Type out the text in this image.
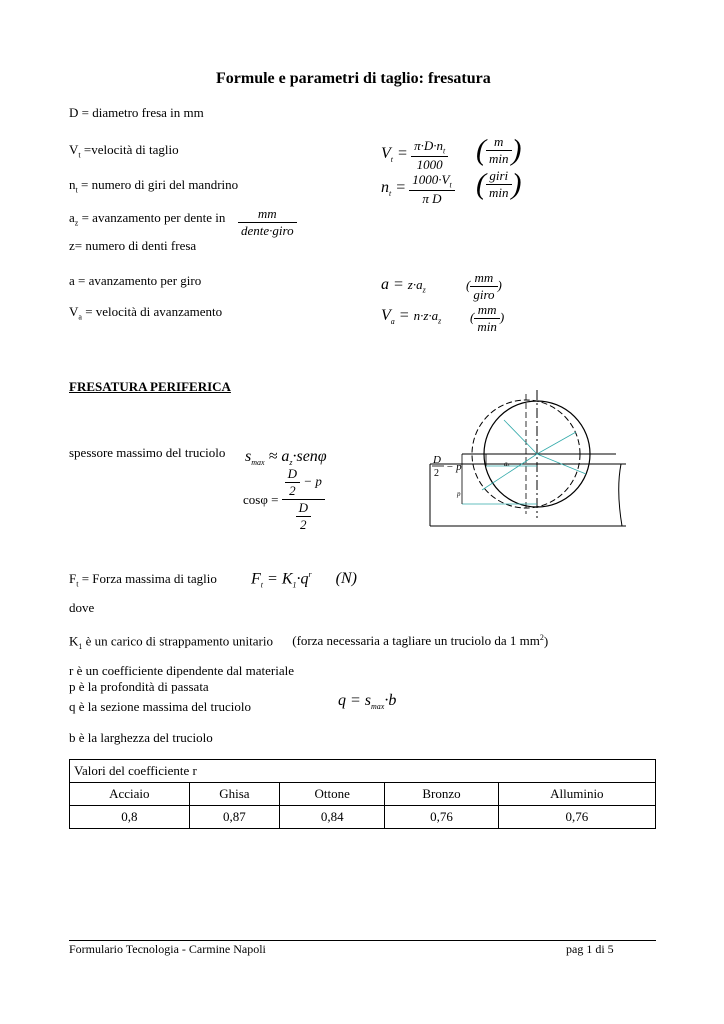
Formule e parametri di taglio: fresatura
D = diametro fresa in mm
$V_t$ =velocità di taglio
$n_t$ = numero di giri del mandrino
$a_z$ = avanzamento per dente in $\frac{mm}{\text{dente·giro}}$
z= numero di denti fresa
a = avanzamento per giro
$V_a$ = velocità di avanzamento
$V_t = \frac{\pi\cdot D\cdot n_t}{1000}$ ( $\frac{m}{\min}$ )
$n_t = \frac{1000\cdot V_t}{\text{π D}}$ ( $\frac{\text{giri}}{\min}$ )
$a = z\cdot a_z$	( $\frac{mm}{\text{giro}}$ )
$V_a = n\cdot z\cdot a_z$ ( $\frac{mm}{\min}$ )
FRESATURA PERIFERICA
spessore massimo del truciolo $s_{max} \approx a_z\cdot sen\varphi$
$\cos\varphi = \frac{\frac{D}{2} - p}{\frac{D}{2}}$
D
2
− p
p
az
$F_t$ = Forza massima di taglio $F_t = K_1\cdot q^r$ (N)
dove
$K_1$ è un carico di strappamento unitario (forza necessaria a tagliare un truciolo da 1 $mm^2$)
r è un coefficiente dipendente dal materiale
p è la profondità di passata
q è la sezione massima del truciolo	$q = s_{max}\cdot b$
b è la larghezza del truciolo
Valori del coefficiente r				
Acciaio	Ghisa	Ottone	Bronzo	Alluminio
0,8	0,87	0,84	0,76	0,76
Formulario Tecnologia - Carmine Napoli	pag 1 di 5
